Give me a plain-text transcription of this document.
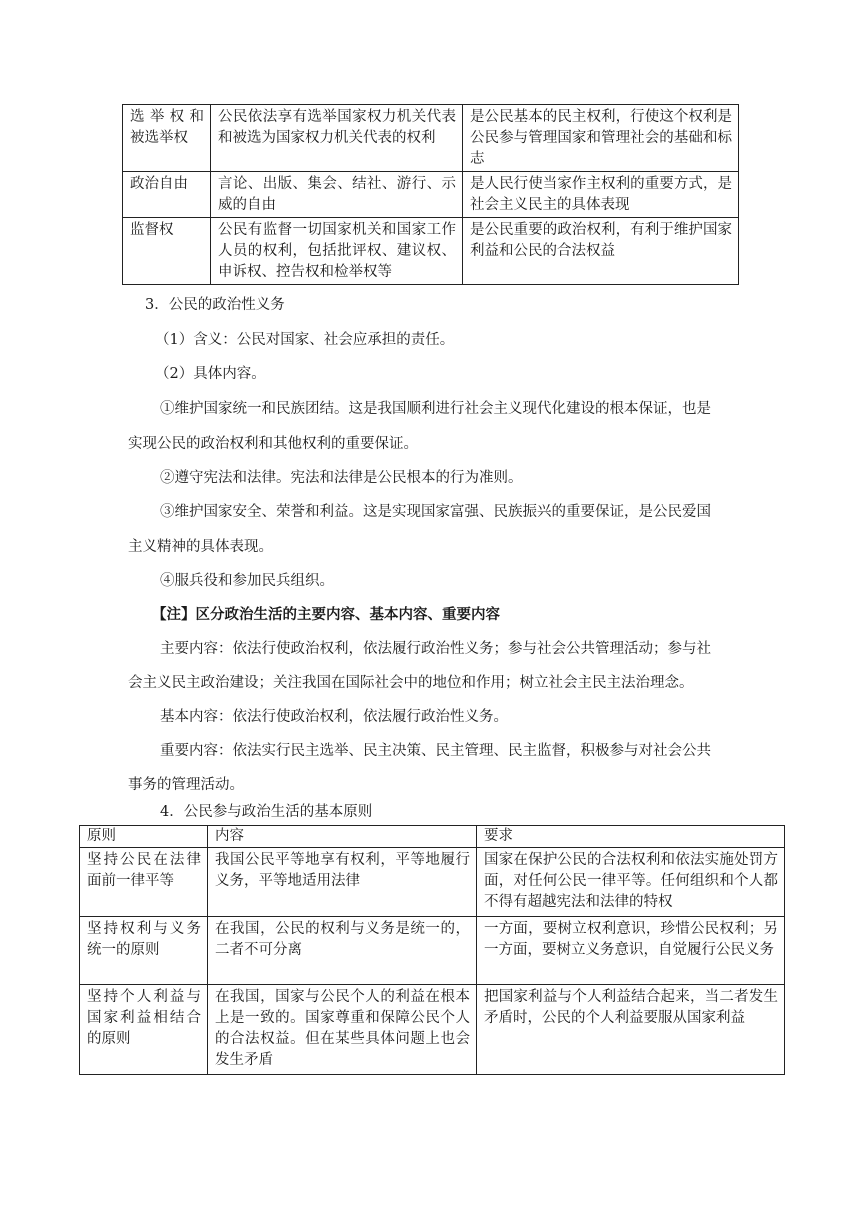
选 举 权 和
被选举权	公民依法享有选举国家权力机关代表和被选为国家权力机关代表的权利	是公民基本的民主权利，行使这个权利是公民参与管理国家和管理社会的基础和标志

政治自由	言论、出版、集会、结社、游行、示威的自由	是人民行使当家作主权利的重要方式，是社会主义民主的具体表现

监督权	公民有监督一切国家机关和国家工作人员的权利，包括批评权、建议权、申诉权、控告权和检举权等	是公民重要的政治权利，有利于维护国家利益和公民的合法权益
3．公民的政治性义务
（1）含义：公民对国家、社会应承担的责任。
（2）具体内容。
①维护国家统一和民族团结。这是我国顺利进行社会主义现代化建设的根本保证，也是
实现公民的政治权利和其他权利的重要保证。
②遵守宪法和法律。宪法和法律是公民根本的行为准则。
③维护国家安全、荣誉和利益。这是实现国家富强、民族振兴的重要保证，是公民爱国
主义精神的具体表现。
④服兵役和参加民兵组织。
【注】区分政治生活的主要内容、基本内容、重要内容
主要内容：依法行使政治权利，依法履行政治性义务；参与社会公共管理活动；参与社
会主义民主政治建设；关注我国在国际社会中的地位和作用；树立社会主民主法治理念。
基本内容：依法行使政治权利，依法履行政治性义务。
重要内容：依法实行民主选举、民主决策、民主管理、民主监督，积极参与对社会公共
事务的管理活动。
4．公民参与政治生活的基本原则
原则	内容	要求
坚持公民在法律面前一律平等	我国公民平等地享有权利，平等地履行义务，平等地适用法律	国家在保护公民的合法权利和依法实施处罚方面，对任何公民一律平等。任何组织和个人都不得有超越宪法和法律的特权
坚持权利与义务统一的原则	在我国，公民的权利与义务是统一的，二者不可分离	一方面，要树立权利意识，珍惜公民权利；另一方面，要树立义务意识，自觉履行公民义务
坚持个人利益与国家利益相结合的原则	在我国，国家与公民个人的利益在根本上是一致的。国家尊重和保障公民个人的合法权益。但在某些具体问题上也会发生矛盾	把国家利益与个人利益结合起来，当二者发生矛盾时，公民的个人利益要服从国家利益
